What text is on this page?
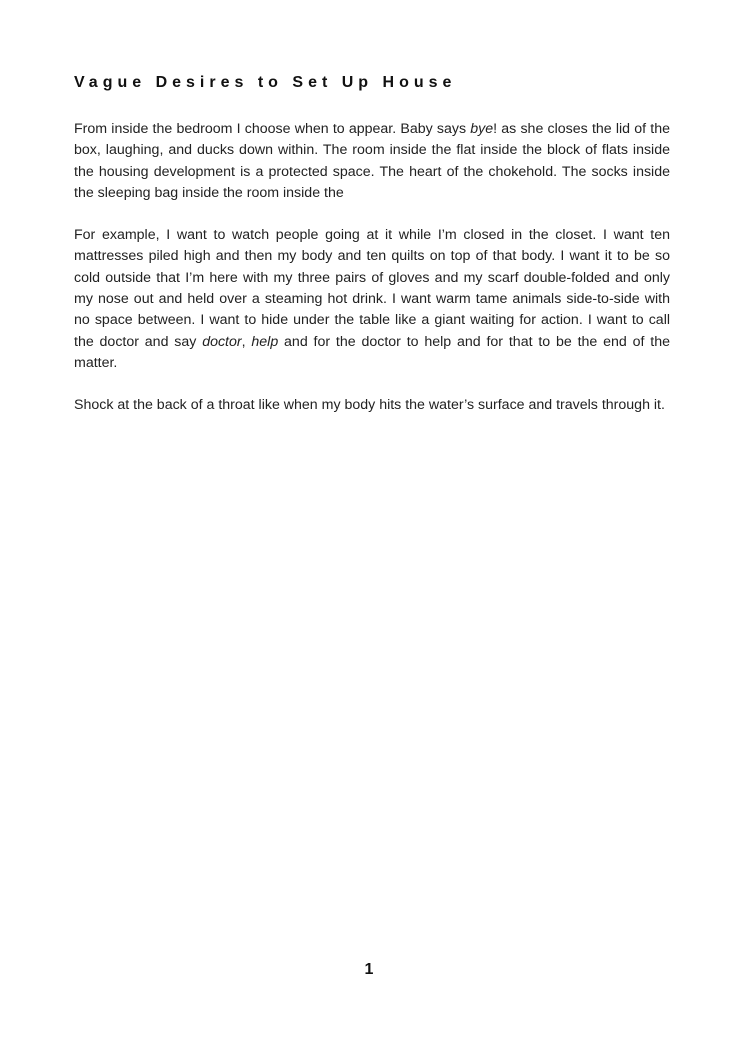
Vague Desires to Set Up House

From inside the bedroom I choose when to appear. Baby says bye! as she closes the lid of the box, laughing, and ducks down within. The room inside the flat inside the block of flats inside the housing development is a protected space. The heart of the chokehold. The socks inside the sleeping bag inside the room inside the

For example, I want to watch people going at it while I’m closed in the closet. I want ten mattresses piled high and then my body and ten quilts on top of that body. I want it to be so cold outside that I’m here with my three pairs of gloves and my scarf double-folded and only my nose out and held over a steaming hot drink. I want warm tame animals side-to-side with no space between. I want to hide under the table like a giant waiting for action. I want to call the doctor and say doctor, help and for the doctor to help and for that to be the end of the matter.

Shock at the back of a throat like when my body hits the water’s surface and travels through it.

1
